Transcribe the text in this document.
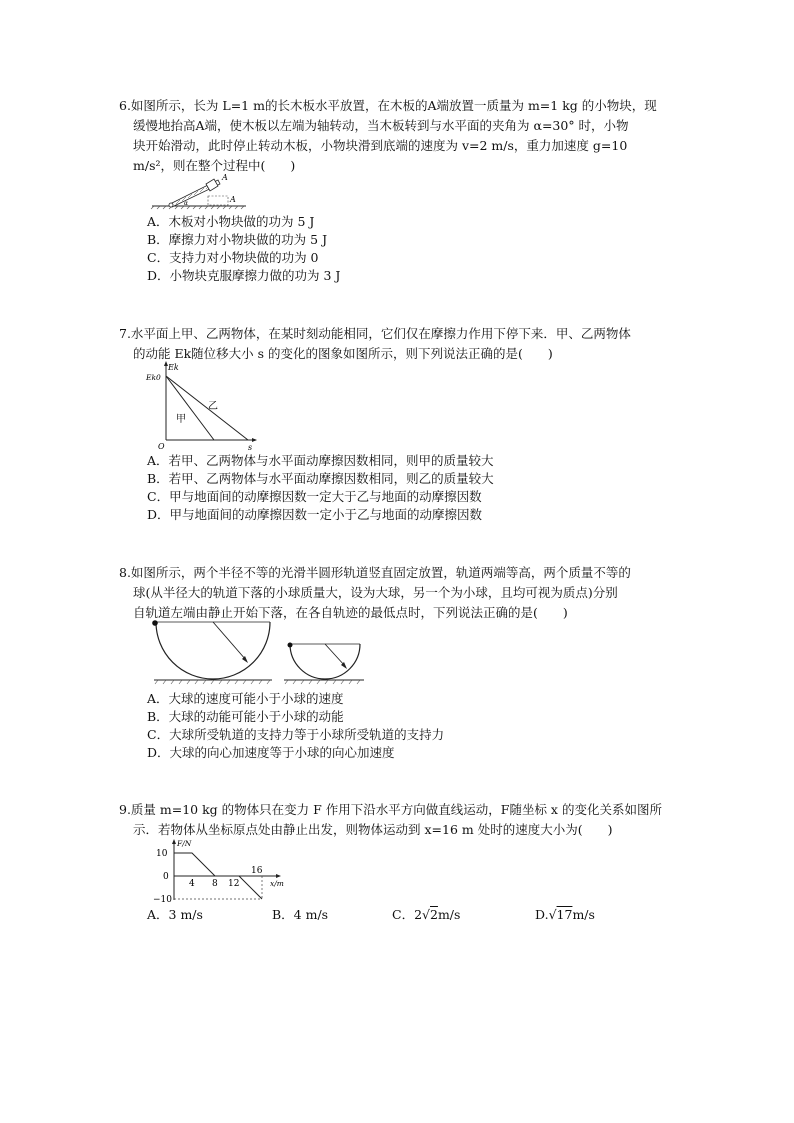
6.如图所示，长为 L=1 m的长木板水平放置，在木板的A端放置一质量为 m=1 kg 的小物块，现
缓慢地抬高A端，使木板以左端为轴转动，当木板转到与水平面的夹角为 α=30° 时，小物
块开始滑动，此时停止转动木板，小物块滑到底端的速度为 v=2 m/s，重力加速度 g=10
m/s²，则在整个过程中(　　)
A
A
α
A．木板对小物块做的功为 5 J
B．摩擦力对小物块做的功为 5 J
C．支持力对小物块做的功为 0
D．小物块克服摩擦力做的功为 3 J
7.水平面上甲、乙两物体，在某时刻动能相同，它们仅在摩擦力作用下停下来．甲、乙两物体
的动能 Ek随位移大小 s 的变化的图象如图所示，则下列说法正确的是(　　)
Ek
Ek0
O	s
甲
乙
A．若甲、乙两物体与水平面动摩擦因数相同，则甲的质量较大
B．若甲、乙两物体与水平面动摩擦因数相同，则乙的质量较大
C．甲与地面间的动摩擦因数一定大于乙与地面的动摩擦因数
D．甲与地面间的动摩擦因数一定小于乙与地面的动摩擦因数
8.如图所示，两个半径不等的光滑半圆形轨道竖直固定放置，轨道两端等高，两个质量不等的
球(从半径大的轨道下落的小球质量大，设为大球，另一个为小球，且均可视为质点)分别
自轨道左端由静止开始下落，在各自轨迹的最低点时，下列说法正确的是(　　)
A．大球的速度可能小于小球的速度
B．大球的动能可能小于小球的动能
C．大球所受轨道的支持力等于小球所受轨道的支持力
D．大球的向心加速度等于小球的向心加速度
9.质量 m=10 kg 的物体只在变力 F 作用下沿水平方向做直线运动，F随坐标 x 的变化关系如图所
示．若物体从坐标原点处由静止出发，则物体运动到 x=16 m 处时的速度大小为(　　)
F/N
x/m
10
0
−10
4 8 12
16
A．3 m/s	B．4 m/s	C．2√2m/s	D.√17m/s
